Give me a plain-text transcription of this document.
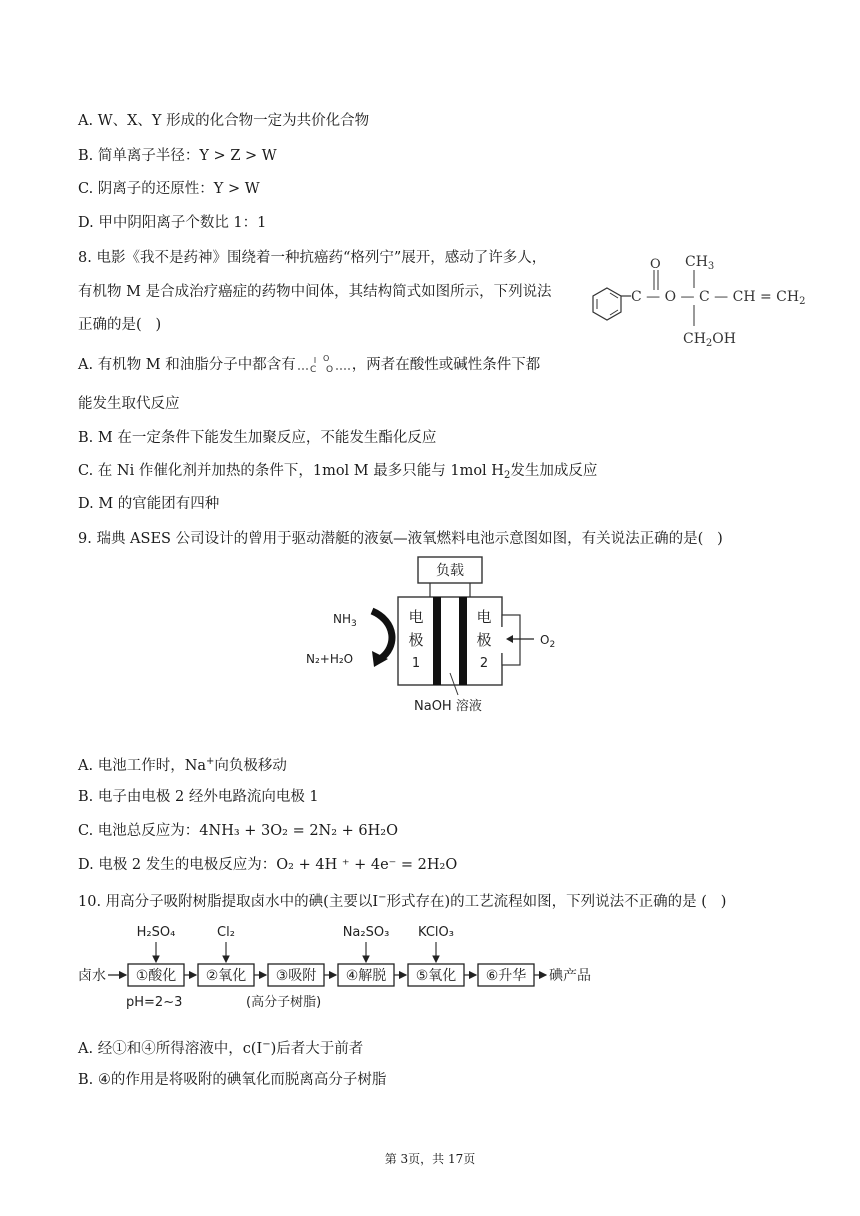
A. W、X、Y 形成的化合物一定为共价化合物
B. 简单离子半径：Y > Z > W
C. 阴离子的还原性：Y > W
D. 甲中阴阳离子个数比 1：1
8. 电影《我不是药神》围绕着一种抗癌药“格列宁”展开，感动了许多人，
有机物 M 是合成治疗癌症的药物中间体，其结构简式如图所示，下列说法
正确的是(   )
O
C — O — C — CH = $CH_2$
$CH_3$
$CH_2OH$
A. 有机物 M 和油脂分子中都含有 C
O
O ，两者在酸性或碱性条件下都
能发生取代反应
B. M 在一定条件下能发生加聚反应，不能发生酯化反应
C. 在 Ni 作催化剂并加热的条件下，1mol M 最多只能与 1mol $H_2$发生加成反应
D. M 的官能团有四种
9. 瑞典 ASES 公司设计的曾用于驱动潜艇的液氨—液氧燃料电池示意图如图，有关说法正确的是(   )
负载
$O_2$
电
极
1
电
极
2
$NH_3$
N₂+H₂O
NaOH 溶液
A. 电池工作时，Na+向负极移动
B. 电子由电极 2 经外电路流向电极 1
C. 电池总反应为：4NH₃ + 3O₂ = 2N₂ + 6H₂O
D. 电极 2 发生的电极反应为：O₂ + 4H ⁺ + 4e⁻ = 2H₂O
10. 用高分子吸附树脂提取卤水中的碘(主要以I−形式存在)的工艺流程如图，下列说法不正确的是 (   )
卤水 ①酸化 ②氧化 ③吸附 ④解脱 ⑤氧化 ⑥升华 碘产品
H₂SO₄	Cl₂	Na₂SO₃ KClO₃
pH=2~3	(高分子树脂)
A. 经①和④所得溶液中，c(I−)后者大于前者
B. ④的作用是将吸附的碘氧化而脱离高分子树脂
第 3页，共 17页
